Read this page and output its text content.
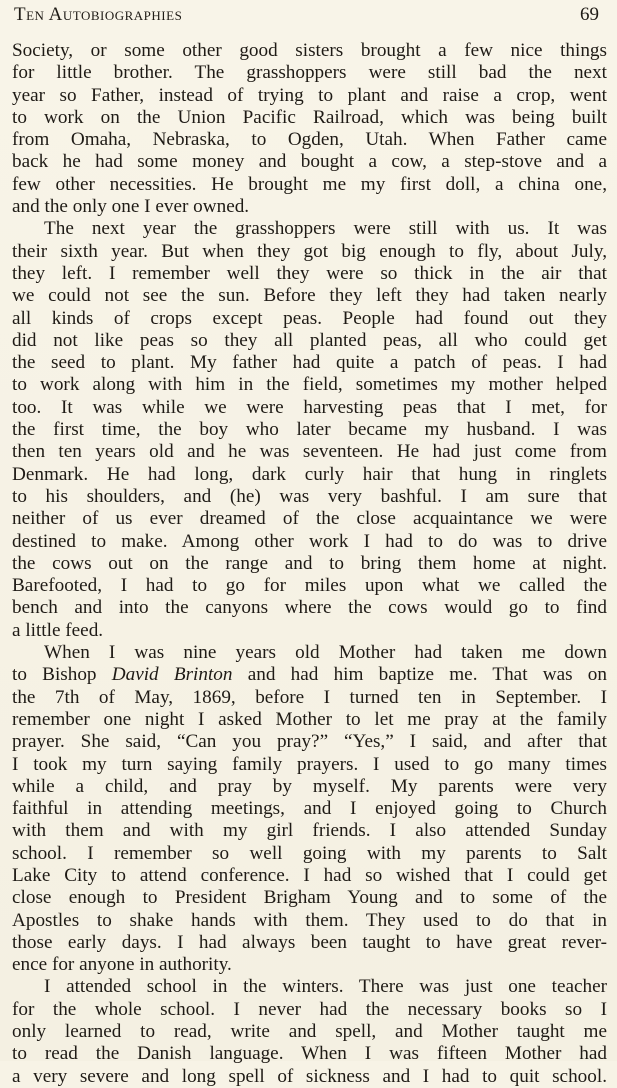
Ten Autobiographies	69
Society, or some other good sisters brought a few nice things
for little brother. The grasshoppers were still bad the next
year so Father, instead of trying to plant and raise a crop, went
to work on the Union Pacific Railroad, which was being built
from Omaha, Nebraska, to Ogden, Utah. When Father came
back he had some money and bought a cow, a step-stove and a
few other necessities. He brought me my first doll, a china one,
and the only one I ever owned.
The next year the grasshoppers were still with us. It was
their sixth year. But when they got big enough to fly, about July,
they left. I remember well they were so thick in the air that
we could not see the sun. Before they left they had taken nearly
all kinds of crops except peas. People had found out they
did not like peas so they all planted peas, all who could get
the seed to plant. My father had quite a patch of peas. I had
to work along with him in the field, sometimes my mother helped
too. It was while we were harvesting peas that I met, for
the first time, the boy who later became my husband. I was
then ten years old and he was seventeen. He had just come from
Denmark. He had long, dark curly hair that hung in ringlets
to his shoulders, and (he) was very bashful. I am sure that
neither of us ever dreamed of the close acquaintance we were
destined to make. Among other work I had to do was to drive
the cows out on the range and to bring them home at night.
Barefooted, I had to go for miles upon what we called the
bench and into the canyons where the cows would go to find
a little feed.
When I was nine years old Mother had taken me down
to Bishop David Brinton and had him baptize me. That was on
the 7th of May, 1869, before I turned ten in September. I
remember one night I asked Mother to let me pray at the family
prayer. She said, “Can you pray?” “Yes,” I said, and after that
I took my turn saying family prayers. I used to go many times
while a child, and pray by myself. My parents were very
faithful in attending meetings, and I enjoyed going to Church
with them and with my girl friends. I also attended Sunday
school. I remember so well going with my parents to Salt
Lake City to attend conference. I had so wished that I could get
close enough to President Brigham Young and to some of the
Apostles to shake hands with them. They used to do that in
those early days. I had always been taught to have great rever-
ence for anyone in authority.
I attended school in the winters. There was just one teacher
for the whole school. I never had the necessary books so I
only learned to read, write and spell, and Mother taught me
to read the Danish language. When I was fifteen Mother had
a very severe and long spell of sickness and I had to quit school.
